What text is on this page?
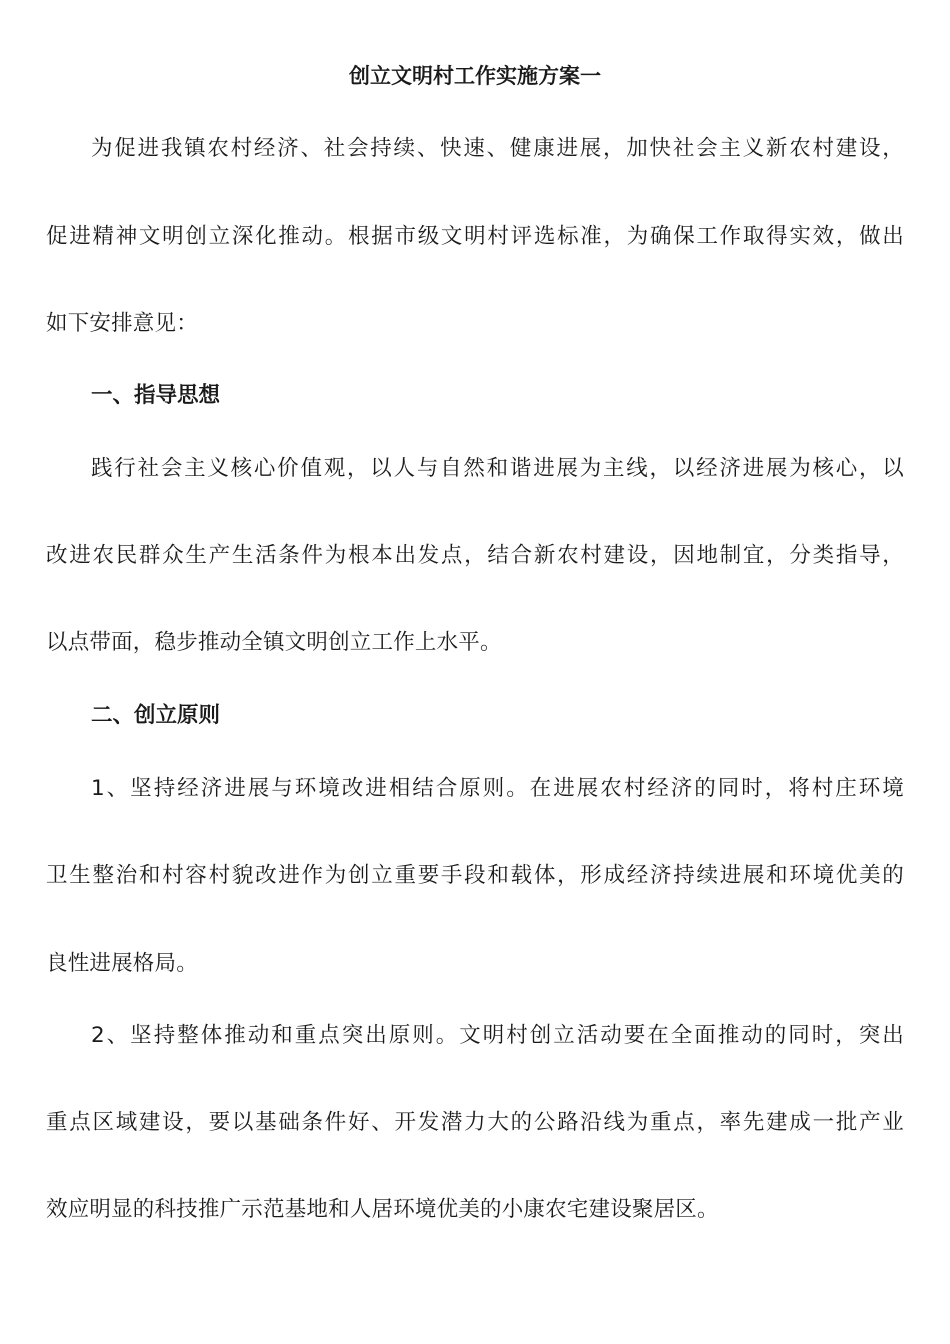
创立文明村工作实施方案一
为促进我镇农村经济、社会持续、快速、健康进展，加快社会主义新农村建设，
促进精神文明创立深化推动。根据市级文明村评选标准，为确保工作取得实效，做出
如下安排意见：
一、指导思想
践行社会主义核心价值观，以人与自然和谐进展为主线，以经济进展为核心，以
改进农民群众生产生活条件为根本出发点，结合新农村建设，因地制宜，分类指导，
以点带面，稳步推动全镇文明创立工作上水平。
二、创立原则
1、坚持经济进展与环境改进相结合原则。在进展农村经济的同时，将村庄环境
卫生整治和村容村貌改进作为创立重要手段和载体，形成经济持续进展和环境优美的
良性进展格局。
2、坚持整体推动和重点突出原则。文明村创立活动要在全面推动的同时，突出
重点区域建设，要以基础条件好、开发潜力大的公路沿线为重点，率先建成一批产业
效应明显的科技推广示范基地和人居环境优美的小康农宅建设聚居区。
